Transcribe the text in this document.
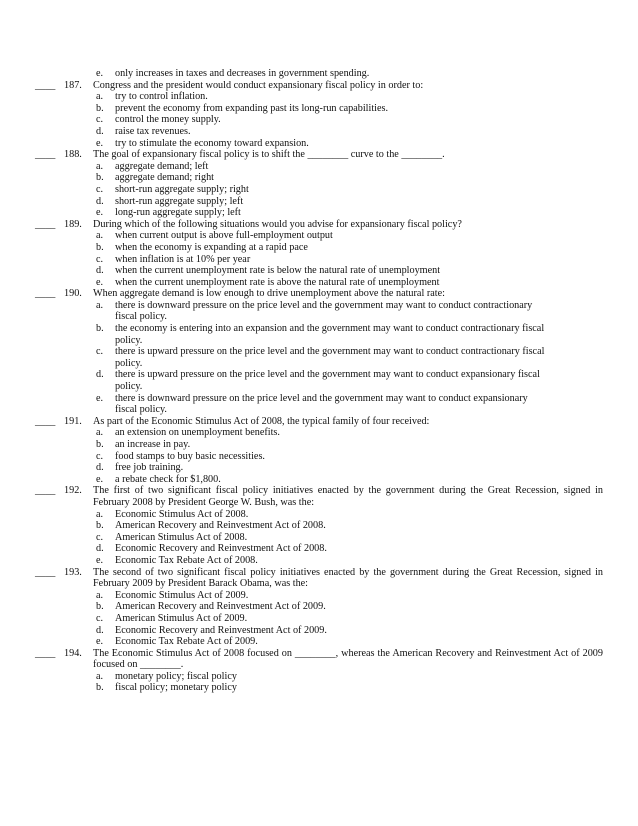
e. only increases in taxes and decreases in government spending.
____ 187. Congress and the president would conduct expansionary fiscal policy in order to:
a. try to control inflation.
b. prevent the economy from expanding past its long-run capabilities.
c. control the money supply.
d. raise tax revenues.
e. try to stimulate the economy toward expansion.
____ 188. The goal of expansionary fiscal policy is to shift the ________ curve to the ________.
a. aggregate demand; left
b. aggregate demand; right
c. short-run aggregate supply; right
d. short-run aggregate supply; left
e. long-run aggregate supply; left
____ 189. During which of the following situations would you advise for expansionary fiscal policy?
a. when current output is above full-employment output
b. when the economy is expanding at a rapid pace
c. when inflation is at 10% per year
d. when the current unemployment rate is below the natural rate of unemployment
e. when the current unemployment rate is above the natural rate of unemployment
____ 190. When aggregate demand is low enough to drive unemployment above the natural rate:
a. there is downward pressure on the price level and the government may want to conduct contractionary fiscal policy.
b. the economy is entering into an expansion and the government may want to conduct contractionary fiscal policy.
c. there is upward pressure on the price level and the government may want to conduct contractionary fiscal policy.
d. there is upward pressure on the price level and the government may want to conduct expansionary fiscal policy.
e. there is downward pressure on the price level and the government may want to conduct expansionary fiscal policy.
____ 191. As part of the Economic Stimulus Act of 2008, the typical family of four received:
a. an extension on unemployment benefits.
b. an increase in pay.
c. food stamps to buy basic necessities.
d. free job training.
e. a rebate check for $1,800.
____ 192. The first of two significant fiscal policy initiatives enacted by the government during the Great Recession, signed in February 2008 by President George W. Bush, was the:
a. Economic Stimulus Act of 2008.
b. American Recovery and Reinvestment Act of 2008.
c. American Stimulus Act of 2008.
d. Economic Recovery and Reinvestment Act of 2008.
e. Economic Tax Rebate Act of 2008.
____ 193. The second of two significant fiscal policy initiatives enacted by the government during the Great Recession, signed in February 2009 by President Barack Obama, was the:
a. Economic Stimulus Act of 2009.
b. American Recovery and Reinvestment Act of 2009.
c. American Stimulus Act of 2009.
d. Economic Recovery and Reinvestment Act of 2009.
e. Economic Tax Rebate Act of 2009.
____ 194. The Economic Stimulus Act of 2008 focused on ________, whereas the American Recovery and Reinvestment Act of 2009 focused on ________.
a. monetary policy; fiscal policy
b. fiscal policy; monetary policy
